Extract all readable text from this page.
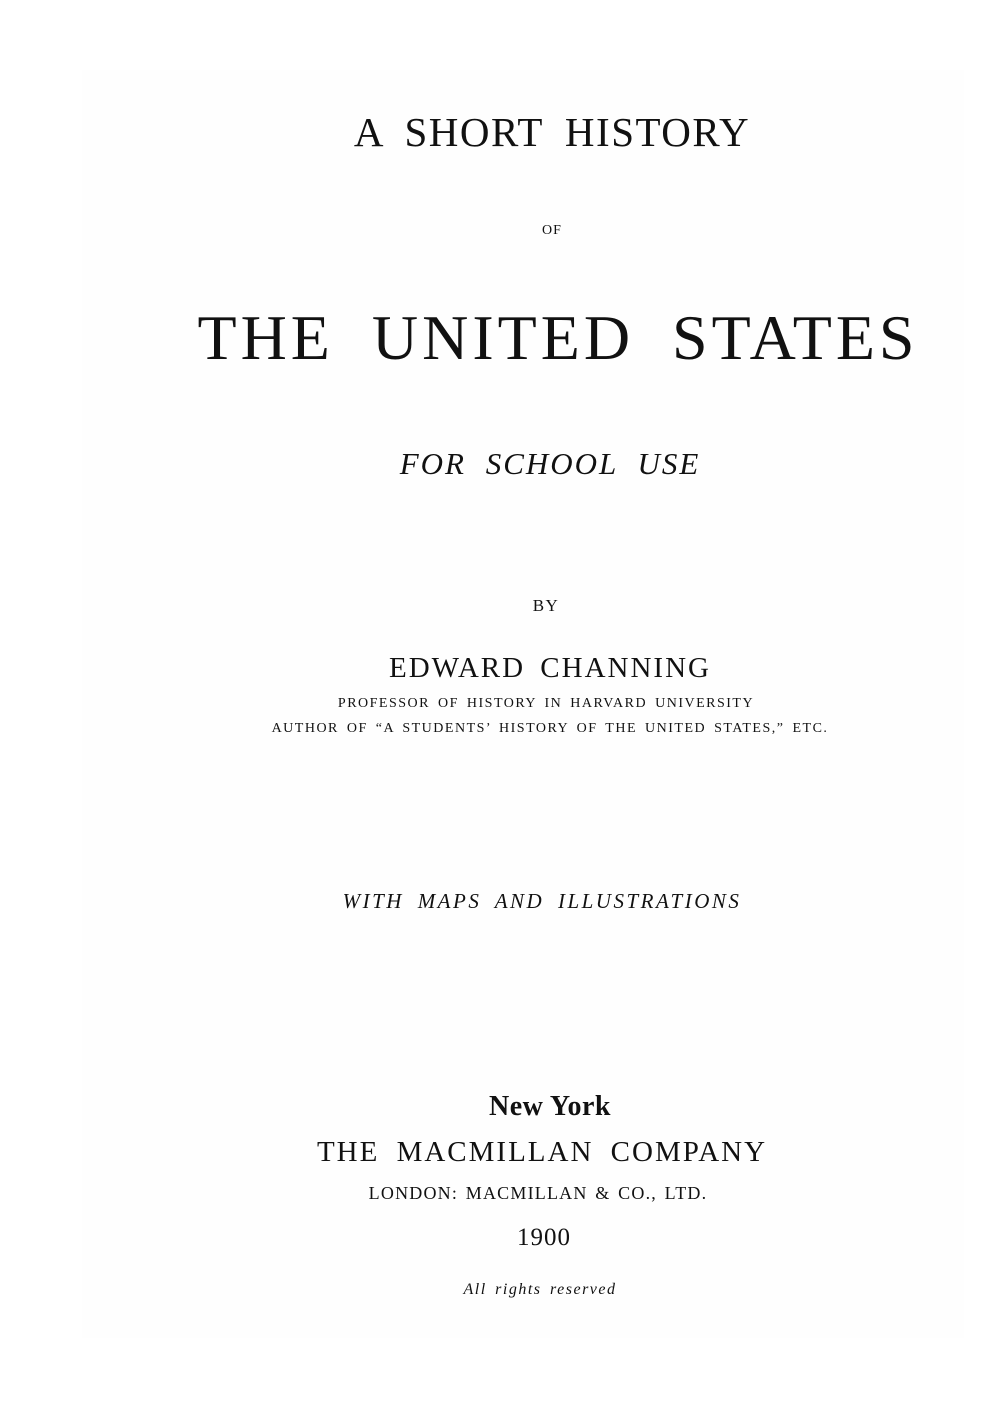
A SHORT HISTORY
OF
THE UNITED STATES
FOR SCHOOL USE
BY
EDWARD CHANNING
PROFESSOR OF HISTORY IN HARVARD UNIVERSITY
AUTHOR OF “A STUDENTS’ HISTORY OF THE UNITED STATES,” ETC.
WITH MAPS AND ILLUSTRATIONS
New York
THE MACMILLAN COMPANY
LONDON: MACMILLAN & CO., LTD.
1900
All rights reserved
